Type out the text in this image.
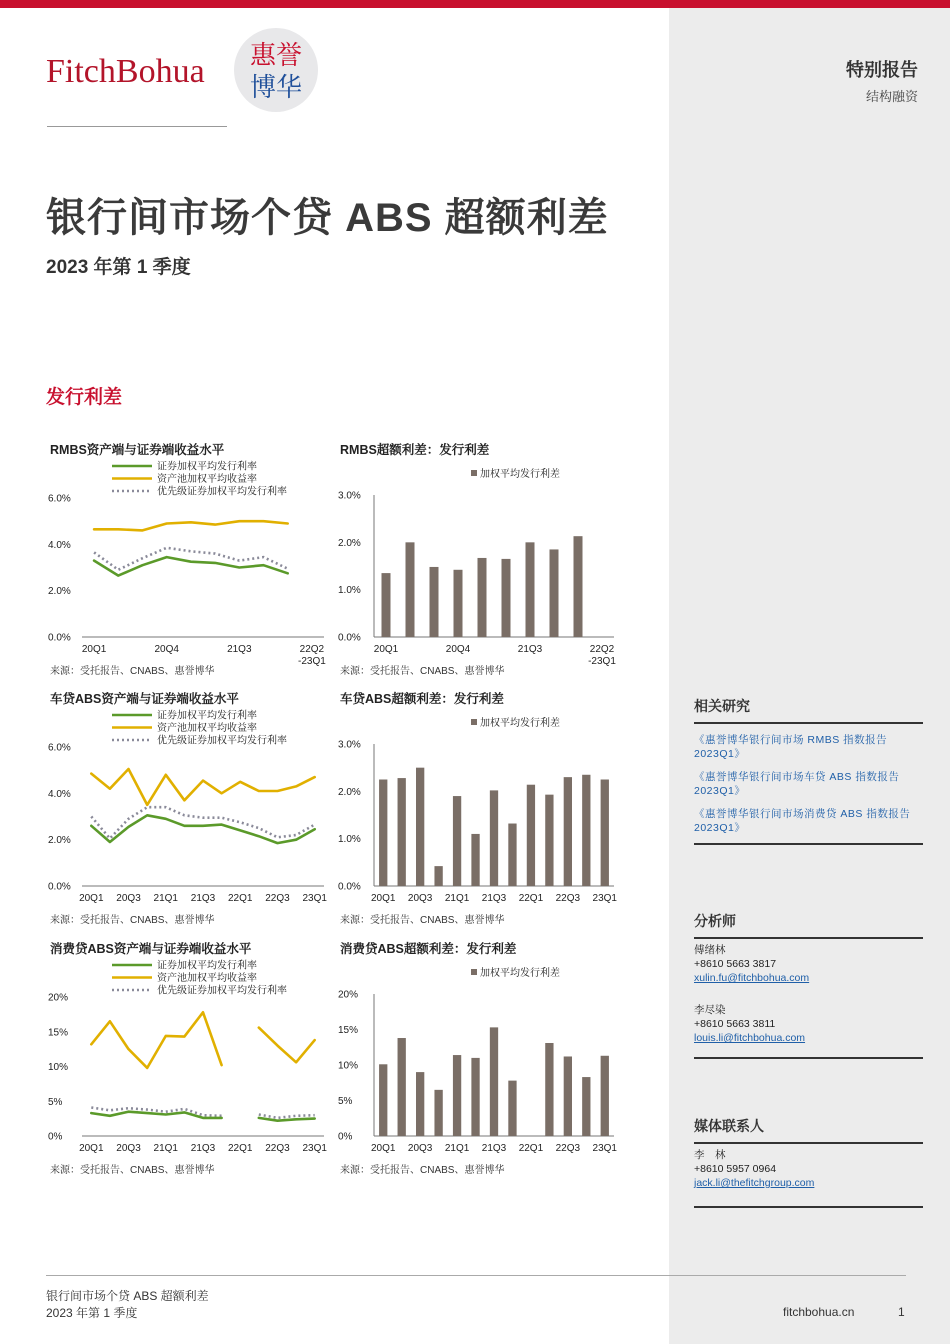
FitchBohua 惠誉
博华
特别报告
结构融资
银行间市场个贷 ABS 超额利差
2023 年第 1 季度
发行利差
RMBS资产端与证券端收益水平
证券加权平均发行利率
资产池加权平均收益率
优先级证券加权平均发行利率
0.0%
2.0%
4.0%
6.0%
20Q1	20Q4	21Q3	22Q2
-23Q1
来源：受托报告、CNABS、惠誉博华
RMBS超额利差：发行利差
加权平均发行利差
0.0%
1.0%
2.0%
3.0%
20Q1	20Q4	21Q3	22Q2
-23Q1
来源：受托报告、CNABS、惠誉博华
车贷ABS资产端与证券端收益水平
证券加权平均发行利率
资产池加权平均收益率
优先级证券加权平均发行利率
0.0%
2.0%
4.0%
6.0%
20Q1 20Q3 21Q1 21Q3 22Q1 22Q3 23Q1
来源：受托报告、CNABS、惠誉博华
车贷ABS超额利差：发行利差
加权平均发行利差
0.0%
1.0%
2.0%
3.0%
20Q1 20Q3 21Q1 21Q3 22Q1 22Q3 23Q1
来源：受托报告、CNABS、惠誉博华
消费贷ABS资产端与证券端收益水平
证券加权平均发行利率
资产池加权平均收益率
优先级证券加权平均发行利率
0%
5%
10%
15%
20%
20Q1 20Q3 21Q1 21Q3 22Q1 22Q3 23Q1
来源：受托报告、CNABS、惠誉博华
消费贷ABS超额利差：发行利差
加权平均发行利差
0%
5%
10%
15%
20%
20Q1 20Q3 21Q1 21Q3 22Q1 22Q3 23Q1
来源：受托报告、CNABS、惠誉博华
相关研究
《惠誉博华银行间市场 RMBS 指数报告 2023Q1》
《惠誉博华银行间市场车贷 ABS 指数报告 2023Q1》
《惠誉博华银行间市场消费贷 ABS 指数报告 2023Q1》
分析师
傅绪林
+8610 5663 3817
xulin.fu@fitchbohua.com
李尽染
+8610 5663 3811
louis.li@fitchbohua.com
媒体联系人
李　林
+8610 5957 0964
jack.li@thefitchgroup.com
银行间市场个贷 ABS 超额利差
2023 年第 1 季度	fitchbohua.cn	1
